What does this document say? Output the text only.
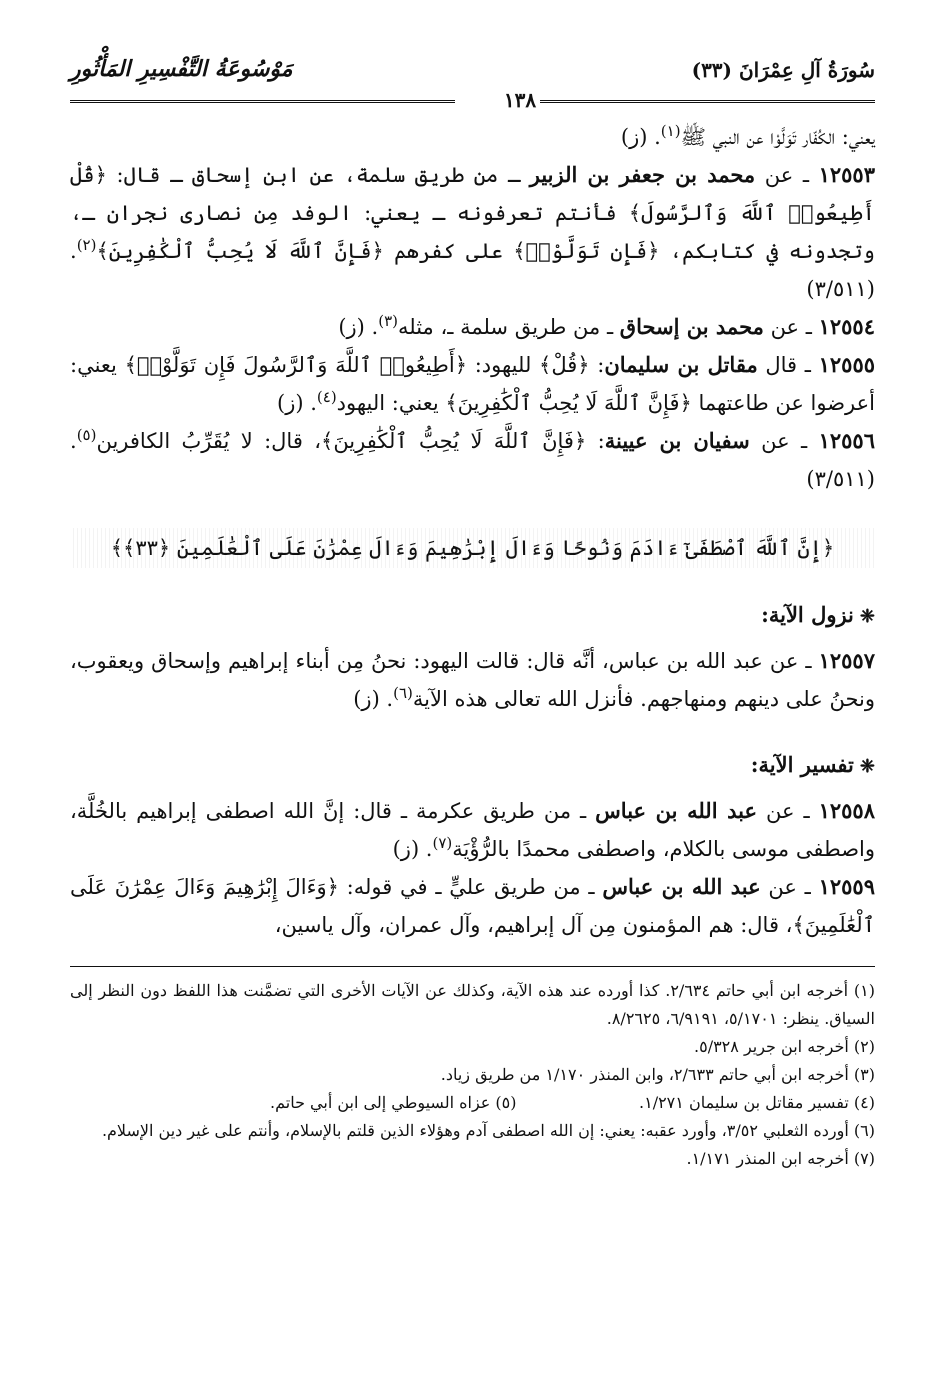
سُورَةُ آلِ عِمْرَانَ (٣٣)
مَوْسُوعَةُ التَّفْسِيرِ المَأْثُورِ
١٣٨

يعني: الكُفّار تَوَلَّوْا عن النبي ﷺ$^{(١)}$. (ز)

١٢٥٥٣ ـ عن محمد بن جعفر بن الزبير ـ من طريق سلمة، عن ابن إسحاق ـ قال: ﴿قُلْ أَطِيعُوا۟ ٱللَّهَ وَٱلرَّسُولَ﴾ فأنتم تعرفونه ـ يعني: الوفد مِن نصارى نجران ـ، وتجدونه في كتابكم، ﴿فَإِن تَوَلَّوْا۟﴾ على كفرهم ﴿فَإِنَّ ٱللَّهَ لَا يُحِبُّ ٱلْكَٰفِرِينَ﴾$^{(٢)}$. (٣/٥١١)

١٢٥٥٤ ـ عن محمد بن إسحاق ـ من طريق سلمة ـ، مثله$^{(٣)}$. (ز)

١٢٥٥٥ ـ قال مقاتل بن سليمان: ﴿قُلْ﴾ لليهود: ﴿أَطِيعُوا۟ ٱللَّهَ وَٱلرَّسُولَ فَإِن تَوَلَّوْا۟﴾ يعني: أعرضوا عن طاعتهما ﴿فَإِنَّ ٱللَّهَ لَا يُحِبُّ ٱلْكَٰفِرِينَ﴾ يعني: اليهود$^{(٤)}$. (ز)

١٢٥٥٦ ـ عن سفيان بن عيينة: ﴿فَإِنَّ ٱللَّهَ لَا يُحِبُّ ٱلْكَٰفِرِينَ﴾، قال: لا يُقَرِّبُ الكافرين$^{(٥)}$. (٣/٥١١)

﴿إِنَّ ٱللَّهَ ٱصْطَفَىٰٓ ءَادَمَ وَنُوحًا وَءَالَ إِبْرَٰهِيمَ وَءَالَ عِمْرَٰنَ عَلَى ٱلْعَٰلَمِينَ ﴿٣٣﴾﴾
❈نزول الآية:

١٢٥٥٧ ـ عن عبد الله بن عباس، أنَّه قال: قالت اليهود: نحنُ مِن أبناء إبراهيم وإسحاق ويعقوب، ونحنُ على دينهم ومنهاجهم. فأنزل الله تعالى هذه الآية$^{(٦)}$. (ز)

❈تفسير الآية:

١٢٥٥٨ ـ عن عبد الله بن عباس ـ من طريق عكرمة ـ قال: إنَّ الله اصطفى إبراهيم بالخُلَّة، واصطفى موسى بالكلام، واصطفى محمدًا بالرُّؤْيَة$^{(٧)}$. (ز)

١٢٥٥٩ ـ عن عبد الله بن عباس ـ من طريق عليٍّ ـ في قوله: ﴿وَءَالَ إِبْرَٰهِيمَ وَءَالَ عِمْرَٰنَ عَلَى ٱلْعَٰلَمِينَ﴾، قال: هم المؤمنون مِن آل إبراهيم، وآل عمران، وآل ياسين،

(١) أخرجه ابن أبي حاتم ٢/٦٣٤. كذا أورده عند هذه الآية، وكذلك عن الآيات الأخرى التي تضمَّنت هذا اللفظ دون النظر إلى السياق. ينظر: ٥/١٧٠١، ٦/٩١٩١، ٨/٢٦٢٥.

(٢) أخرجه ابن جرير ٥/٣٢٨.

(٣) أخرجه ابن أبي حاتم ٢/٦٣٣، وابن المنذر ١/١٧٠ من طريق زياد.

(٤) تفسير مقاتل بن سليمان ١/٢٧١.
(٥) عزاه السيوطي إلى ابن أبي حاتم.

(٦) أورده الثعلبي ٣/٥٢، وأورد عقبه: يعني: إن الله اصطفى آدم وهؤلاء الذين قلتم بالإسلام، وأنتم على غير دين الإسلام.

(٧) أخرجه ابن المنذر ١/١٧١.
